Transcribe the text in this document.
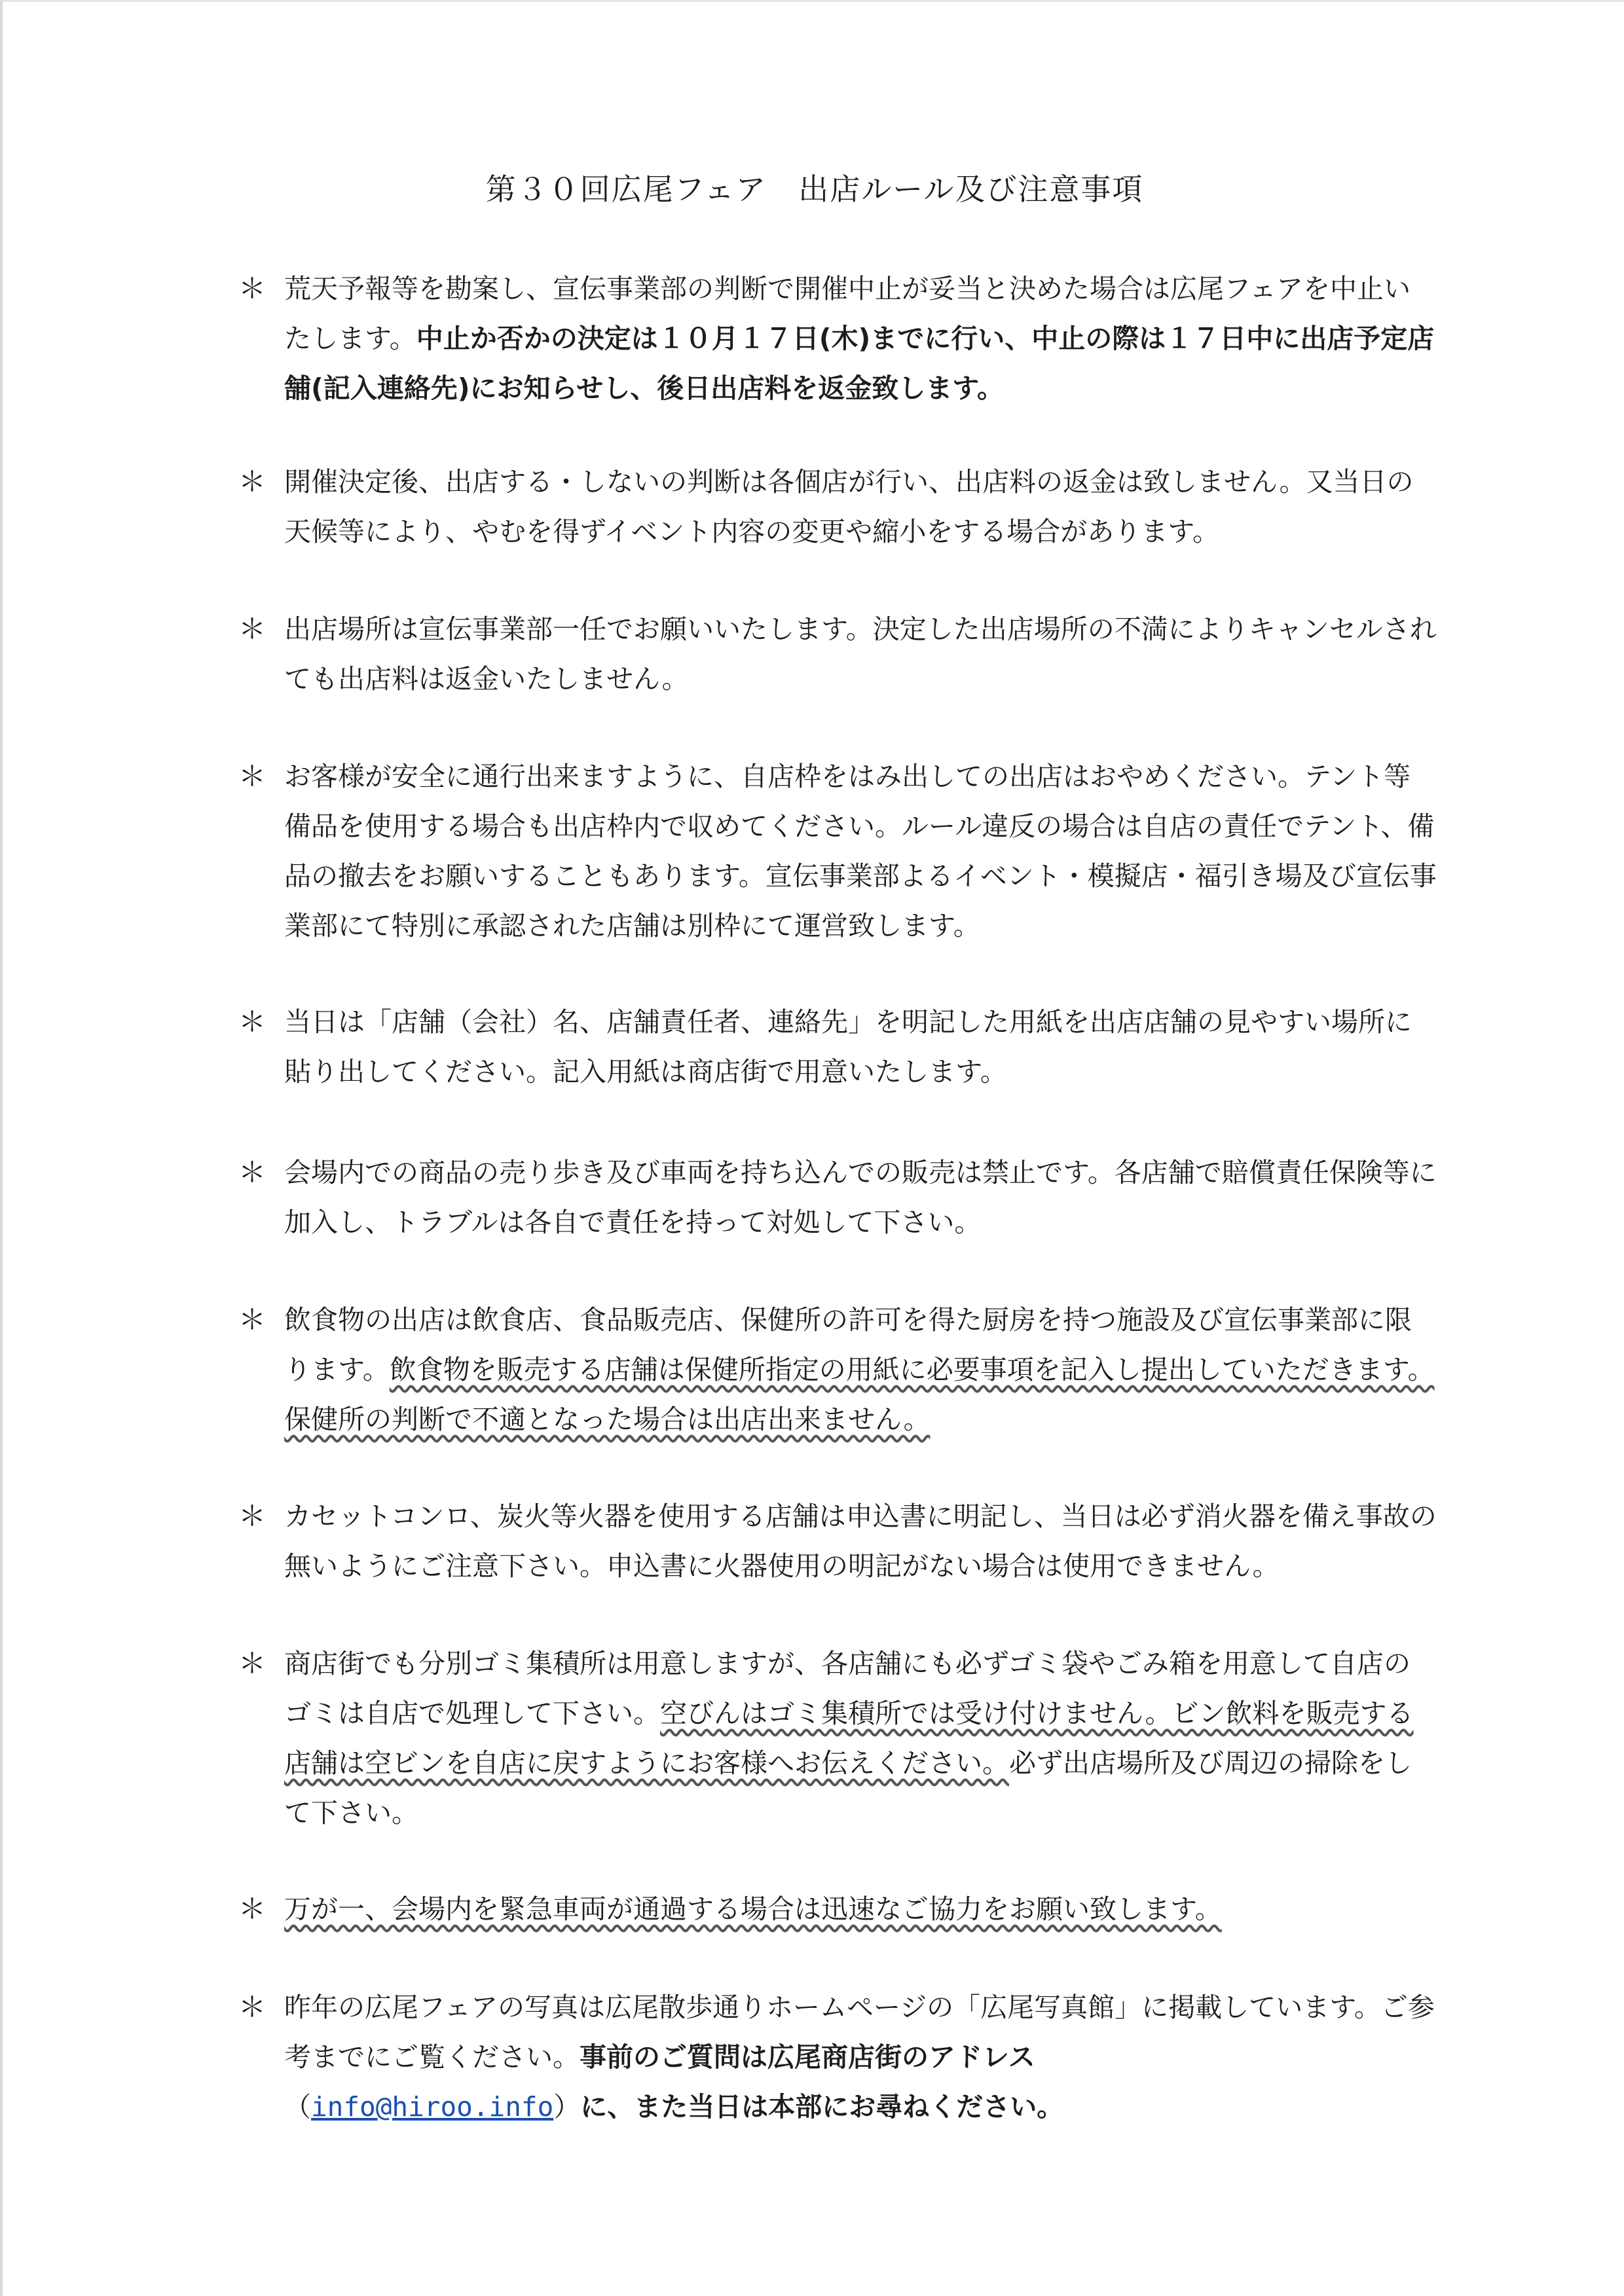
第３０回広尾フェア　出店ルール及び注意事項
＊ 荒天予報等を勘案し、宣伝事業部の判断で開催中止が妥当と決めた場合は広尾フェアを中止いたします。中止か否かの決定は１０月１７日(木)までに行い、中止の際は１７日中に出店予定店舗(記入連絡先)にお知らせし、後日出店料を返金致します。
＊ 開催決定後、出店する・しないの判断は各個店が行い、出店料の返金は致しません。又当日の天候等により、やむを得ずイベント内容の変更や縮小をする場合があります。
＊ 出店場所は宣伝事業部一任でお願いいたします。決定した出店場所の不満によりキャンセルされても出店料は返金いたしません。
＊ お客様が安全に通行出来ますように、自店枠をはみ出しての出店はおやめください。テント等備品を使用する場合も出店枠内で収めてください。ルール違反の場合は自店の責任でテント、備品の撤去をお願いすることもあります。宣伝事業部よるイベント・模擬店・福引き場及び宣伝事業部にて特別に承認された店舗は別枠にて運営致します。
＊ 当日は「店舗（会社）名、店舗責任者、連絡先」を明記した用紙を出店店舗の見やすい場所に貼り出してください。記入用紙は商店街で用意いたします。
＊ 会場内での商品の売り歩き及び車両を持ち込んでの販売は禁止です。各店舗で賠償責任保険等に加入し、トラブルは各自で責任を持って対処して下さい。
＊ 飲食物の出店は飲食店、食品販売店、保健所の許可を得た厨房を持つ施設及び宣伝事業部に限ります。飲食物を販売する店舗は保健所指定の用紙に必要事項を記入し提出していただきます。保健所の判断で不適となった場合は出店出来ません。
＊ カセットコンロ、炭火等火器を使用する店舗は申込書に明記し、当日は必ず消火器を備え事故の無いようにご注意下さい。申込書に火器使用の明記がない場合は使用できません。
＊ 商店街でも分別ゴミ集積所は用意しますが、各店舗にも必ずゴミ袋やごみ箱を用意して自店のゴミは自店で処理して下さい。空びんはゴミ集積所では受け付けません。ビン飲料を販売する店舗は空ビンを自店に戻すようにお客様へお伝えください。必ず出店場所及び周辺の掃除をして下さい。
＊ 万が一、会場内を緊急車両が通過する場合は迅速なご協力をお願い致します。
＊ 昨年の広尾フェアの写真は広尾散歩通りホームページの「広尾写真館」に掲載しています。ご参考までにご覧ください。事前のご質問は広尾商店街のアドレス
（info@hiroo.info）に、また当日は本部にお尋ねください。
